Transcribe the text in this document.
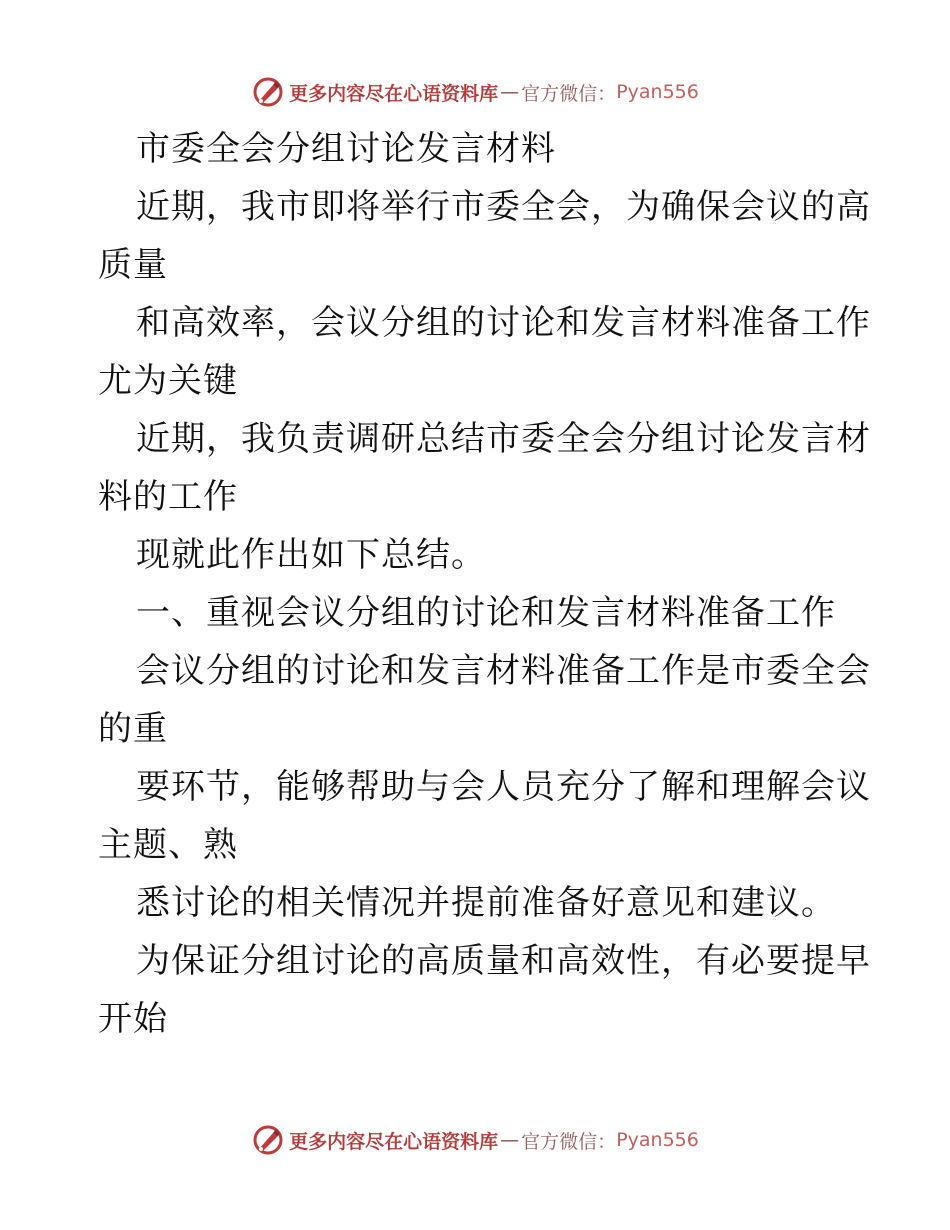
更多内容尽在心语资料库 — 官方微信： Pyan556
市委全会分组讨论发言材料
近期，我市即将举行市委全会，为确保会议的高
质量
和高效率，会议分组的讨论和发言材料准备工作
尤为关键
近期，我负责调研总结市委全会分组讨论发言材
料的工作
现就此作出如下总结。
一、重视会议分组的讨论和发言材料准备工作
会议分组的讨论和发言材料准备工作是市委全会
的重
要环节，能够帮助与会人员充分了解和理解会议
主题、熟
悉讨论的相关情况并提前准备好意见和建议。
为保证分组讨论的高质量和高效性，有必要提早
开始
更多内容尽在心语资料库 — 官方微信： Pyan556
